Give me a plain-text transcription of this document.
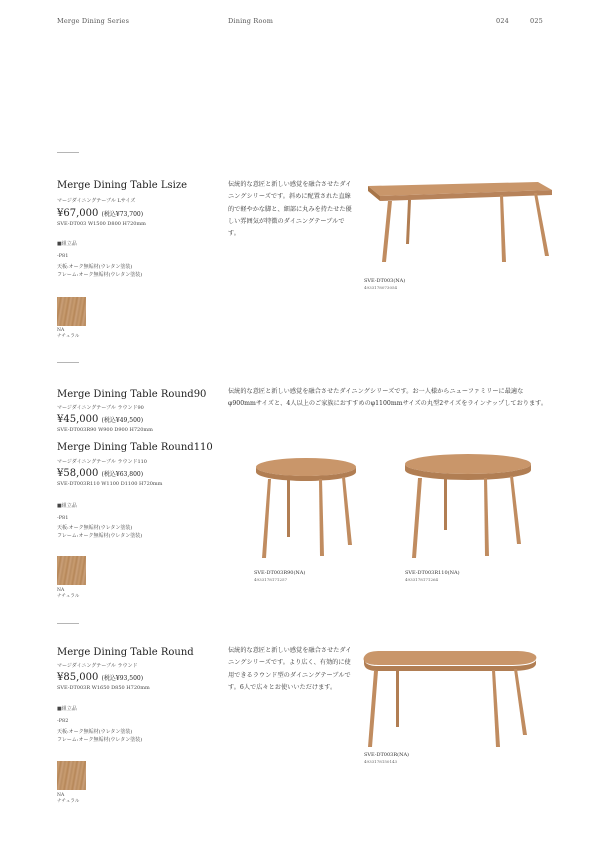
Merge Dining Series	Dining Room	024	025
Merge Dining Table Lsize
マージダイニングテーブル Lサイズ
¥67,000 (税込¥73,700)
SVE-DT003 W1500 D800 H720mm
■組立品
-P81
天板:オーク無垢材(ウレタン塗装)
フレーム:オーク無垢材(ウレタン塗装)
NA
ナチュラル
伝統的な意匠と新しい感覚を融合させたダイニングシリーズです。斜めに配置された直線的で軽やかな脚と、細部に丸みを持たせた優しい雰囲気が特徴のダイニングテーブルです。
SVE-DT003(NA)
4933178073054
Merge Dining Table Round90
マージダイニングテーブル ラウンド90
¥45,000 (税込¥49,500)
SVE-DT003R90 W900 D900 H720mm
Merge Dining Table Round110
マージダイニングテーブル ラウンド110
¥58,000 (税込¥63,800)
SVE-DT003R110 W1100 D1100 H720mm
■組立品
-P81
天板:オーク無垢材(ウレタン塗装)
フレーム:オーク無垢材(ウレタン塗装)
NA
ナチュラル
伝統的な意匠と新しい感覚を融合させたダイニングシリーズです。お一人様からニューファミリーに最適な φ900mmサイズと、4人以上のご家族におすすめのφ1100mmサイズの丸型2サイズをラインナップしております。
SVE-DT003R90(NA)
4933178171257
SVE-DT003R110(NA)
4933178171264
Merge Dining Table Round
マージダイニングテーブル ラウンド
¥85,000 (税込¥93,500)
SVE-DT003R W1650 D850 H720mm
■組立品
-P82
天板:オーク無垢材(ウレタン塗装)
フレーム:オーク無垢材(ウレタン塗装)
NA
ナチュラル
伝統的な意匠と新しい感覚を融合させたダイニングシリーズです。より広く、有効的に使用できるラウンド型のダイニングテーブルです。6人で広々とお使いいただけます。
SVE-DT003R(NA)
4933178150143
